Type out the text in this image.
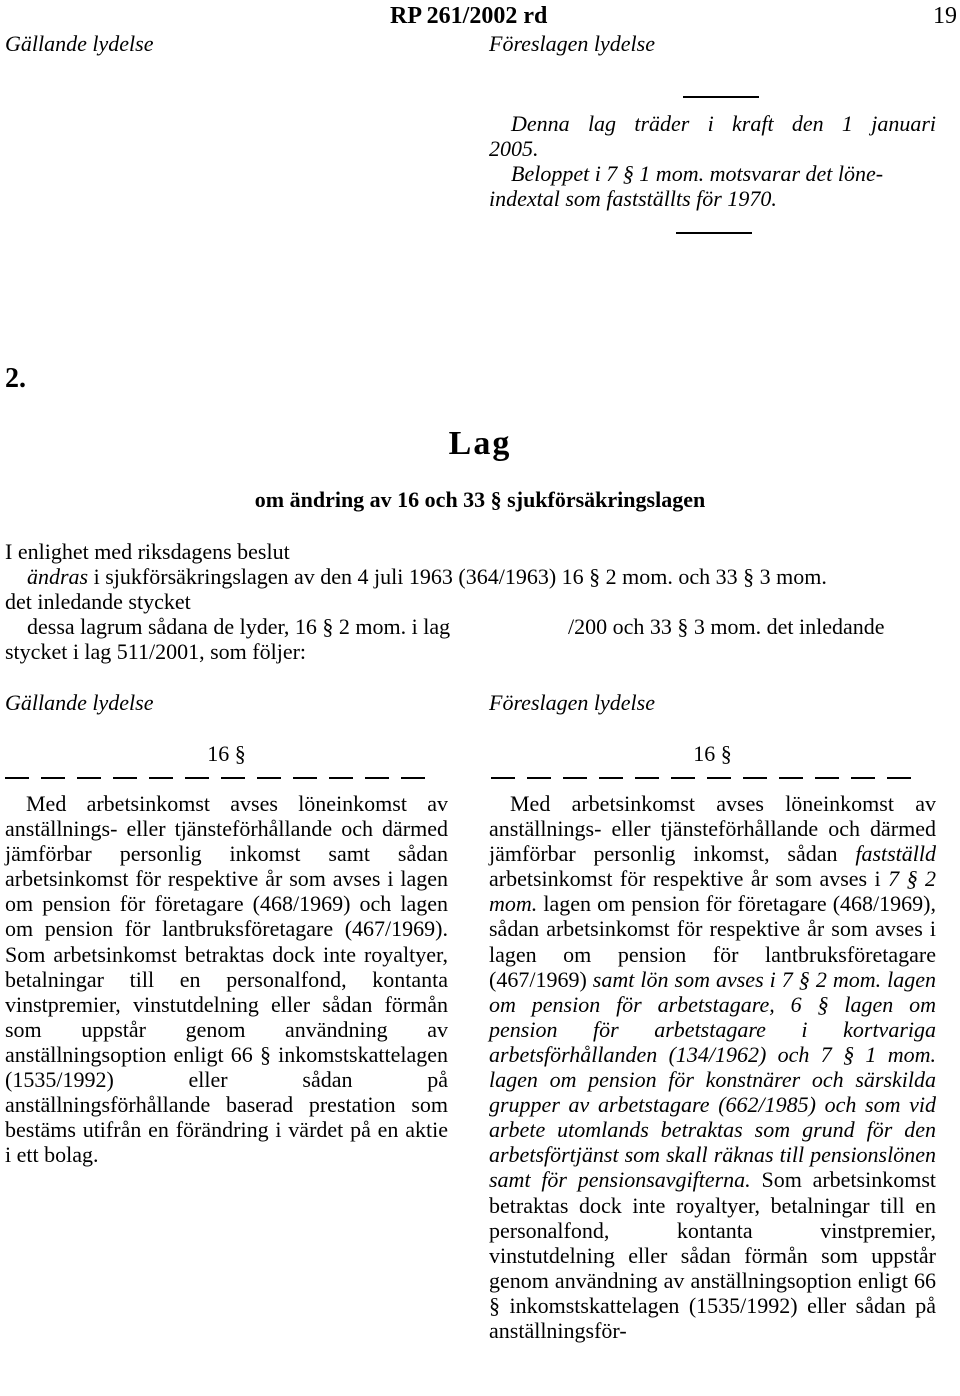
RP 261/2002 rd	19
Gällande lydelse	Föreslagen lydelse
Denna lag träder i kraft den 1 januari
2005.
Beloppet i 7 § 1 mom. motsvarar det löne-
indextal som fastställts för 1970.
2.
Lag
om ändring av 16 och 33 § sjukförsäkringslagen
I enlighet med riksdagens beslut
ändras i sjukförsäkringslagen av den 4 juli 1963 (364/1963) 16 § 2 mom. och 33 § 3 mom.
det inledande stycket
dessa lagrum sådana de lyder, 16 § 2 mom. i lag	/200 och 33 § 3 mom. det inledande
stycket i lag 511/2001, som följer:
Gällande lydelse	Föreslagen lydelse
16 §	16 §

Med arbetsinkomst avses löneinkomst av anställnings- eller tjänsteförhållande och därmed jämförbar personlig inkomst samt sådan arbetsinkomst för respektive år som avses i lagen om pension för företagare (468/1969) och lagen om pension för lantbruksföretagare (467/1969). Som arbetsinkomst betraktas dock inte royaltyer, betalningar till en personalfond, kontanta vinstpremier, vinstutdelning eller sådan förmån som uppstår genom användning av anställningsoption enligt 66 § inkomstskattelagen (1535/1992) eller sådan på anställningsförhållande baserad prestation som bestäms utifrån en förändring i värdet på en aktie i ett bolag.

Med arbetsinkomst avses löneinkomst av anställnings- eller tjänsteförhållande och därmed jämförbar personlig inkomst, sådan fastställd arbetsinkomst för respektive år som avses i 7 § 2 mom. lagen om pension för företagare (468/1969), sådan arbetsinkomst för respektive år som avses i lagen om pension för lantbruksföretagare (467/1969) samt lön som avses i 7 § 2 mom. lagen om pension för arbetstagare, 6 § lagen om pension för arbetstagare i kortvariga arbetsförhållanden (134/1962) och 7 § 1 mom. lagen om pension för konstnärer och särskilda grupper av arbetstagare (662/1985) och som vid arbete utomlands betraktas som grund för den arbetsförtjänst som skall räknas till pensionslönen samt för pensionsavgifterna. Som arbetsinkomst betraktas dock inte royaltyer, betalningar till en personalfond, kontanta vinstpremier, vinstutdelning eller sådan förmån som uppstår genom användning av anställningsoption enligt 66 § inkomstskattelagen (1535/1992) eller sådan på anställningsför-
